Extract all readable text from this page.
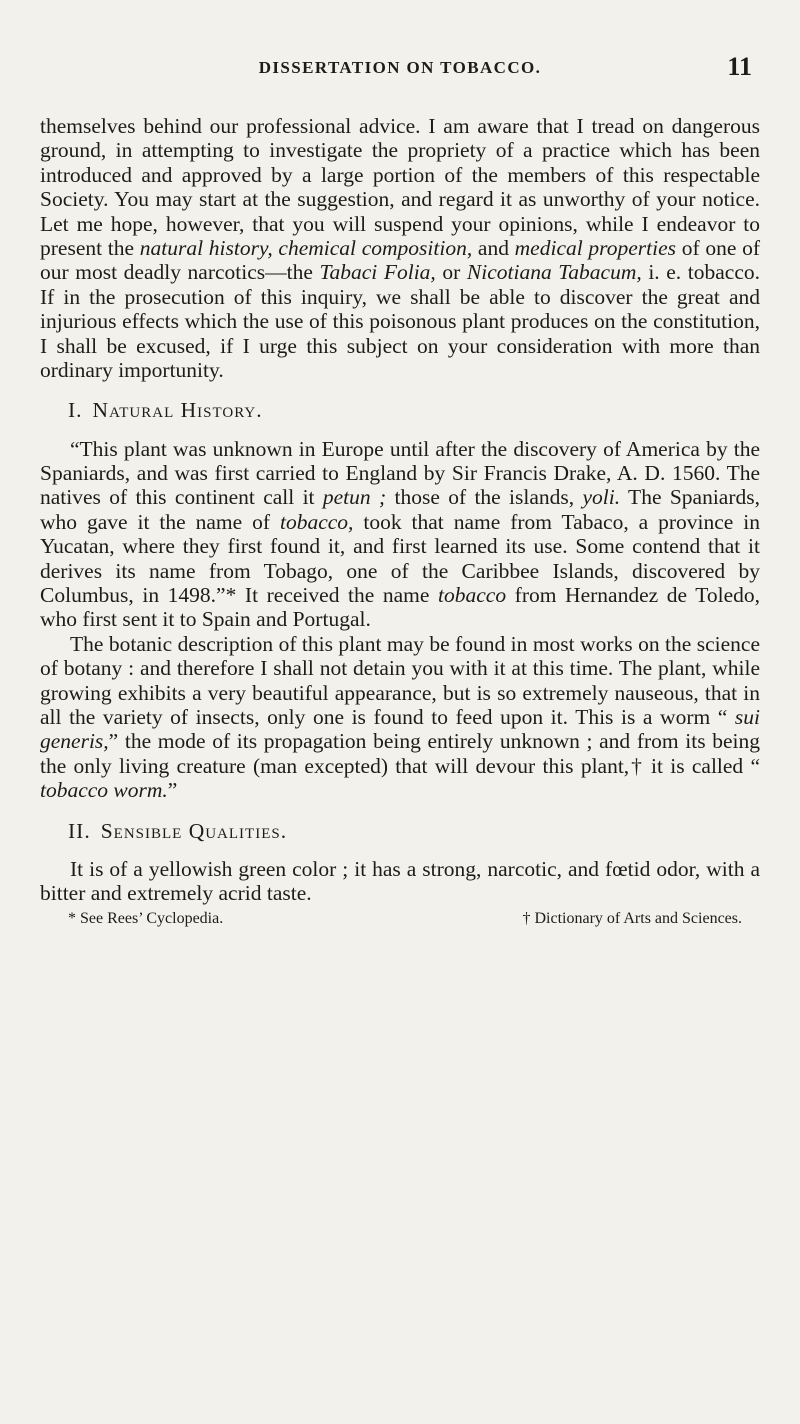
DISSERTATION ON TOBACCO.	11

themselves behind our professional advice. I am aware that I tread on dangerous ground, in attempting to investigate the propriety of a practice which has been introduced and approved by a large portion of the members of this respectable Society. You may start at the suggestion, and regard it as unworthy of your notice. Let me hope, however, that you will suspend your opinions, while I endeavor to present the natural history, chemical composition, and medical properties of one of our most deadly narcotics—the Tabaci Folia, or Nicotiana Tabacum, i. e. tobacco. If in the prosecution of this inquiry, we shall be able to discover the great and injurious effects which the use of this poisonous plant produces on the constitution, I shall be excused, if I urge this subject on your consideration with more than ordinary importunity.

I. Natural History.

“This plant was unknown in Europe until after the discovery of America by the Spaniards, and was first carried to England by Sir Francis Drake, A. D. 1560. The natives of this continent call it petun ; those of the islands, yoli. The Spaniards, who gave it the name of tobacco, took that name from Tabaco, a province in Yucatan, where they first found it, and first learned its use. Some contend that it derives its name from Tobago, one of the Caribbee Islands, discovered by Columbus, in 1498.”* It received the name tobacco from Hernandez de Toledo, who first sent it to Spain and Portugal.

The botanic description of this plant may be found in most works on the science of botany : and therefore I shall not detain you with it at this time. The plant, while growing exhibits a very beautiful appearance, but is so extremely nauseous, that in all the variety of insects, only one is found to feed upon it. This is a worm “ sui generis,” the mode of its propagation being entirely unknown ; and from its being the only living creature (man excepted) that will devour this plant,† it is called “ tobacco worm.”

II. Sensible Qualities.

It is of a yellowish green color ; it has a strong, narcotic, and fœtid odor, with a bitter and extremely acrid taste.

* See Rees’ Cyclopedia.	† Dictionary of Arts and Sciences.
